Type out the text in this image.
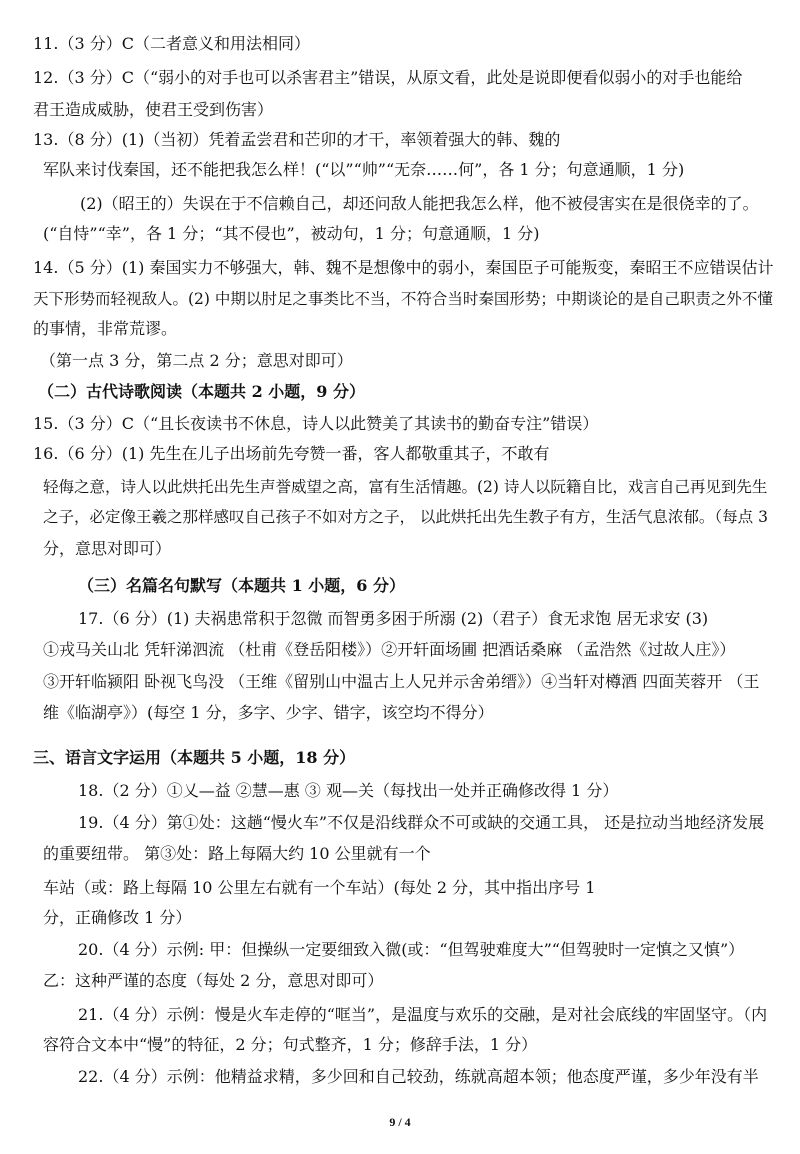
11.（3 分）C（二者意义和用法相同）
12.（3 分）C（“弱小的对手也可以杀害君主”错误，从原文看，此处是说即便看似弱小的对手也能给
君王造成威胁，使君王受到伤害）
13.（8 分）(1)（当初）凭着孟尝君和芒卯的才干，率领着强大的韩、魏的
军队来讨伐秦国，还不能把我怎么样！(“以”“帅”“无奈……何”，各 1 分；句意通顺，1 分)
(2)（昭王的）失误在于不信赖自己，却还问敌人能把我怎么样，他不被侵害实在是很侥幸的了。
(“自恃”“幸”，各 1 分；“其不侵也”，被动句，1 分；句意通顺，1 分)
14.（5 分）(1) 秦国实力不够强大，韩、魏不是想像中的弱小，秦国臣子可能叛变，秦昭王不应错误估计
天下形势而轻视敌人。(2) 中期以肘足之事类比不当，不符合当时秦国形势；中期谈论的是自己职责之外不懂
的事情，非常荒谬。
（第一点 3 分，第二点 2 分；意思对即可）
（二）古代诗歌阅读（本题共 2 小题，9 分）
15.（3 分）C（“且长夜读书不休息，诗人以此赞美了其读书的勤奋专注”错误）
16.（6 分）(1) 先生在儿子出场前先夸赞一番，客人都敬重其子，不敢有
轻侮之意，诗人以此烘托出先生声誉威望之高，富有生活情趣。(2) 诗人以阮籍自比，戏言自己再见到先生
之子，必定像王羲之那样感叹自己孩子不如对方之子， 以此烘托出先生教子有方，生活气息浓郁。（每点 3
分，意思对即可）
（三）名篇名句默写（本题共 1 小题，6 分）
17.（6 分）(1) 夫祸患常积于忽微 而智勇多困于所溺 (2)（君子）食无求饱 居无求安 (3)
①戎马关山北 凭轩涕泗流 （杜甫《登岳阳楼》）②开轩面场圃 把酒话桑麻 （孟浩然《过故人庄》）
③开轩临颍阳 卧视飞鸟没 （王维《留别山中温古上人兄并示舍弟缙》）④当轩对樽酒 四面芙蓉开 （王
维《临湖亭》）(每空 1 分，多字、少字、错字，该空均不得分）
三、语言文字运用（本题共 5 小题，18 分）
18.（2 分）①乂—益 ②慧—惠 ③ 观—关（每找出一处并正确修改得 1 分）
19.（4 分）第①处：这趟“慢火车”不仅是沿线群众不可或缺的交通工具， 还是拉动当地经济发展
的重要纽带。 第③处：路上每隔大约 10 公里就有一个
车站（或：路上每隔 10 公里左右就有一个车站）(每处 2 分，其中指出序号 1
分，正确修改 1 分）
20.（4 分）示例: 甲：但操纵一定要细致入微(或：“但驾驶难度大”“但驾驶时一定慎之又慎”）
乙：这种严谨的态度（每处 2 分，意思对即可）
21.（4 分）示例：慢是火车走停的“哐当”，是温度与欢乐的交融，是对社会底线的牢固坚守。（内
容符合文本中“慢”的特征，2 分；句式整齐，1 分；修辞手法，1 分）
22.（4 分）示例：他精益求精，多少回和自己较劲，练就高超本领；他态度严谨，多少年没有半
9 / 4
